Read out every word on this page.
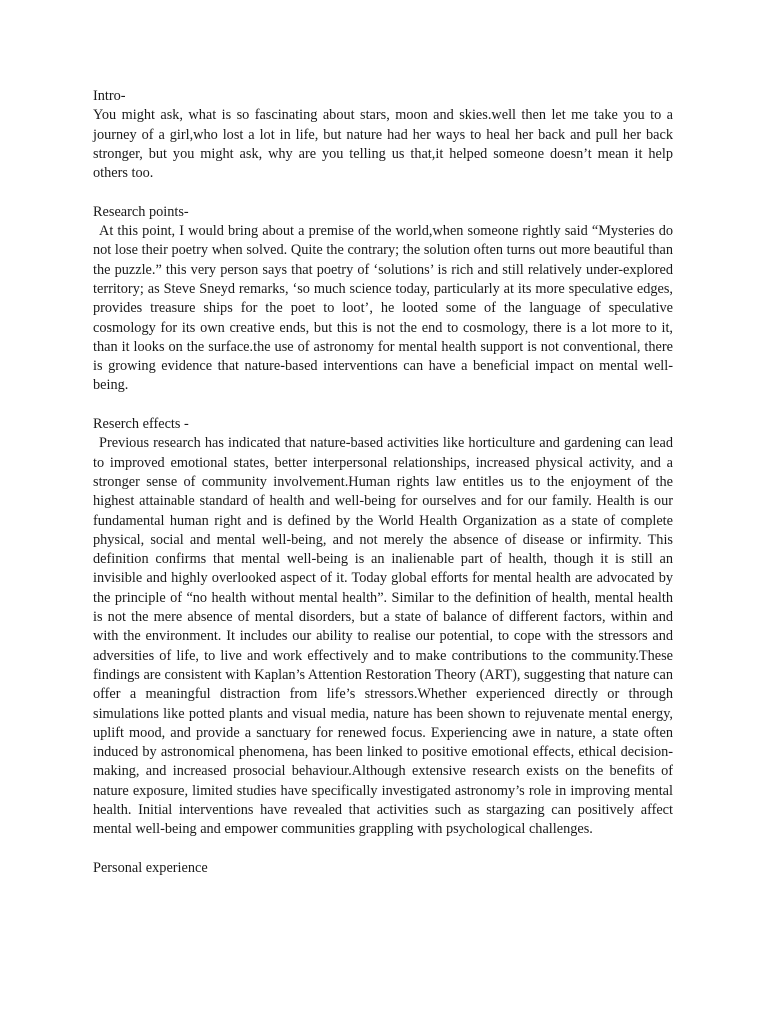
Intro-
You might ask, what is so fascinating about stars, moon and skies.well then let me take you to a journey of a girl,who lost a lot in life, but nature had her ways to heal her back and pull her back stronger, but you might ask, why are you telling us that,it helped someone doesn’t mean it help others too.
Research points-
At this point, I would bring about a premise of the world,when someone rightly said “Mysteries do not lose their poetry when solved. Quite the contrary; the solution often turns out more beautiful than the puzzle.” this very person says that poetry of ‘solutions’ is rich and still relatively under-explored territory; as Steve Sneyd remarks, ‘so much science today, particularly at its more speculative edges, provides treasure ships for the poet to loot’, he looted some of the language of speculative cosmology for its own creative ends, but this is not the end to cosmology, there is a lot more to it, than it looks on the surface.the use of astronomy for mental health support is not conventional, there is growing evidence that nature-based interventions can have a beneficial impact on mental well-being.
Reserch effects -
Previous research has indicated that nature-based activities like horticulture and gardening can lead to improved emotional states, better interpersonal relationships, increased physical activity, and a stronger sense of community involvement.Human rights law entitles us to the enjoyment of the highest attainable standard of health and well-being for ourselves and for our family. Health is our fundamental human right and is defined by the World Health Organization as a state of complete physical, social and mental well-being, and not merely the absence of disease or infirmity. This definition confirms that mental well-being is an inalienable part of health, though it is still an invisible and highly overlooked aspect of it. Today global efforts for mental health are advocated by the principle of “no health without mental health”. Similar to the definition of health, mental health is not the mere absence of mental disorders, but a state of balance of different factors, within and with the environment. It includes our ability to realise our potential, to cope with the stressors and adversities of life, to live and work effectively and to make contributions to the community.These findings are consistent with Kaplan’s Attention Restoration Theory (ART), suggesting that nature can offer a meaningful distraction from life’s stressors.Whether experienced directly or through simulations like potted plants and visual media, nature has been shown to rejuvenate mental energy, uplift mood, and provide a sanctuary for renewed focus. Experiencing awe in nature, a state often induced by astronomical phenomena, has been linked to positive emotional effects, ethical decision-making, and increased prosocial behaviour.Although extensive research exists on the benefits of nature exposure, limited studies have specifically investigated astronomy’s role in improving mental health. Initial interventions have revealed that activities such as stargazing can positively affect mental well-being and empower communities grappling with psychological challenges.
Personal experience
